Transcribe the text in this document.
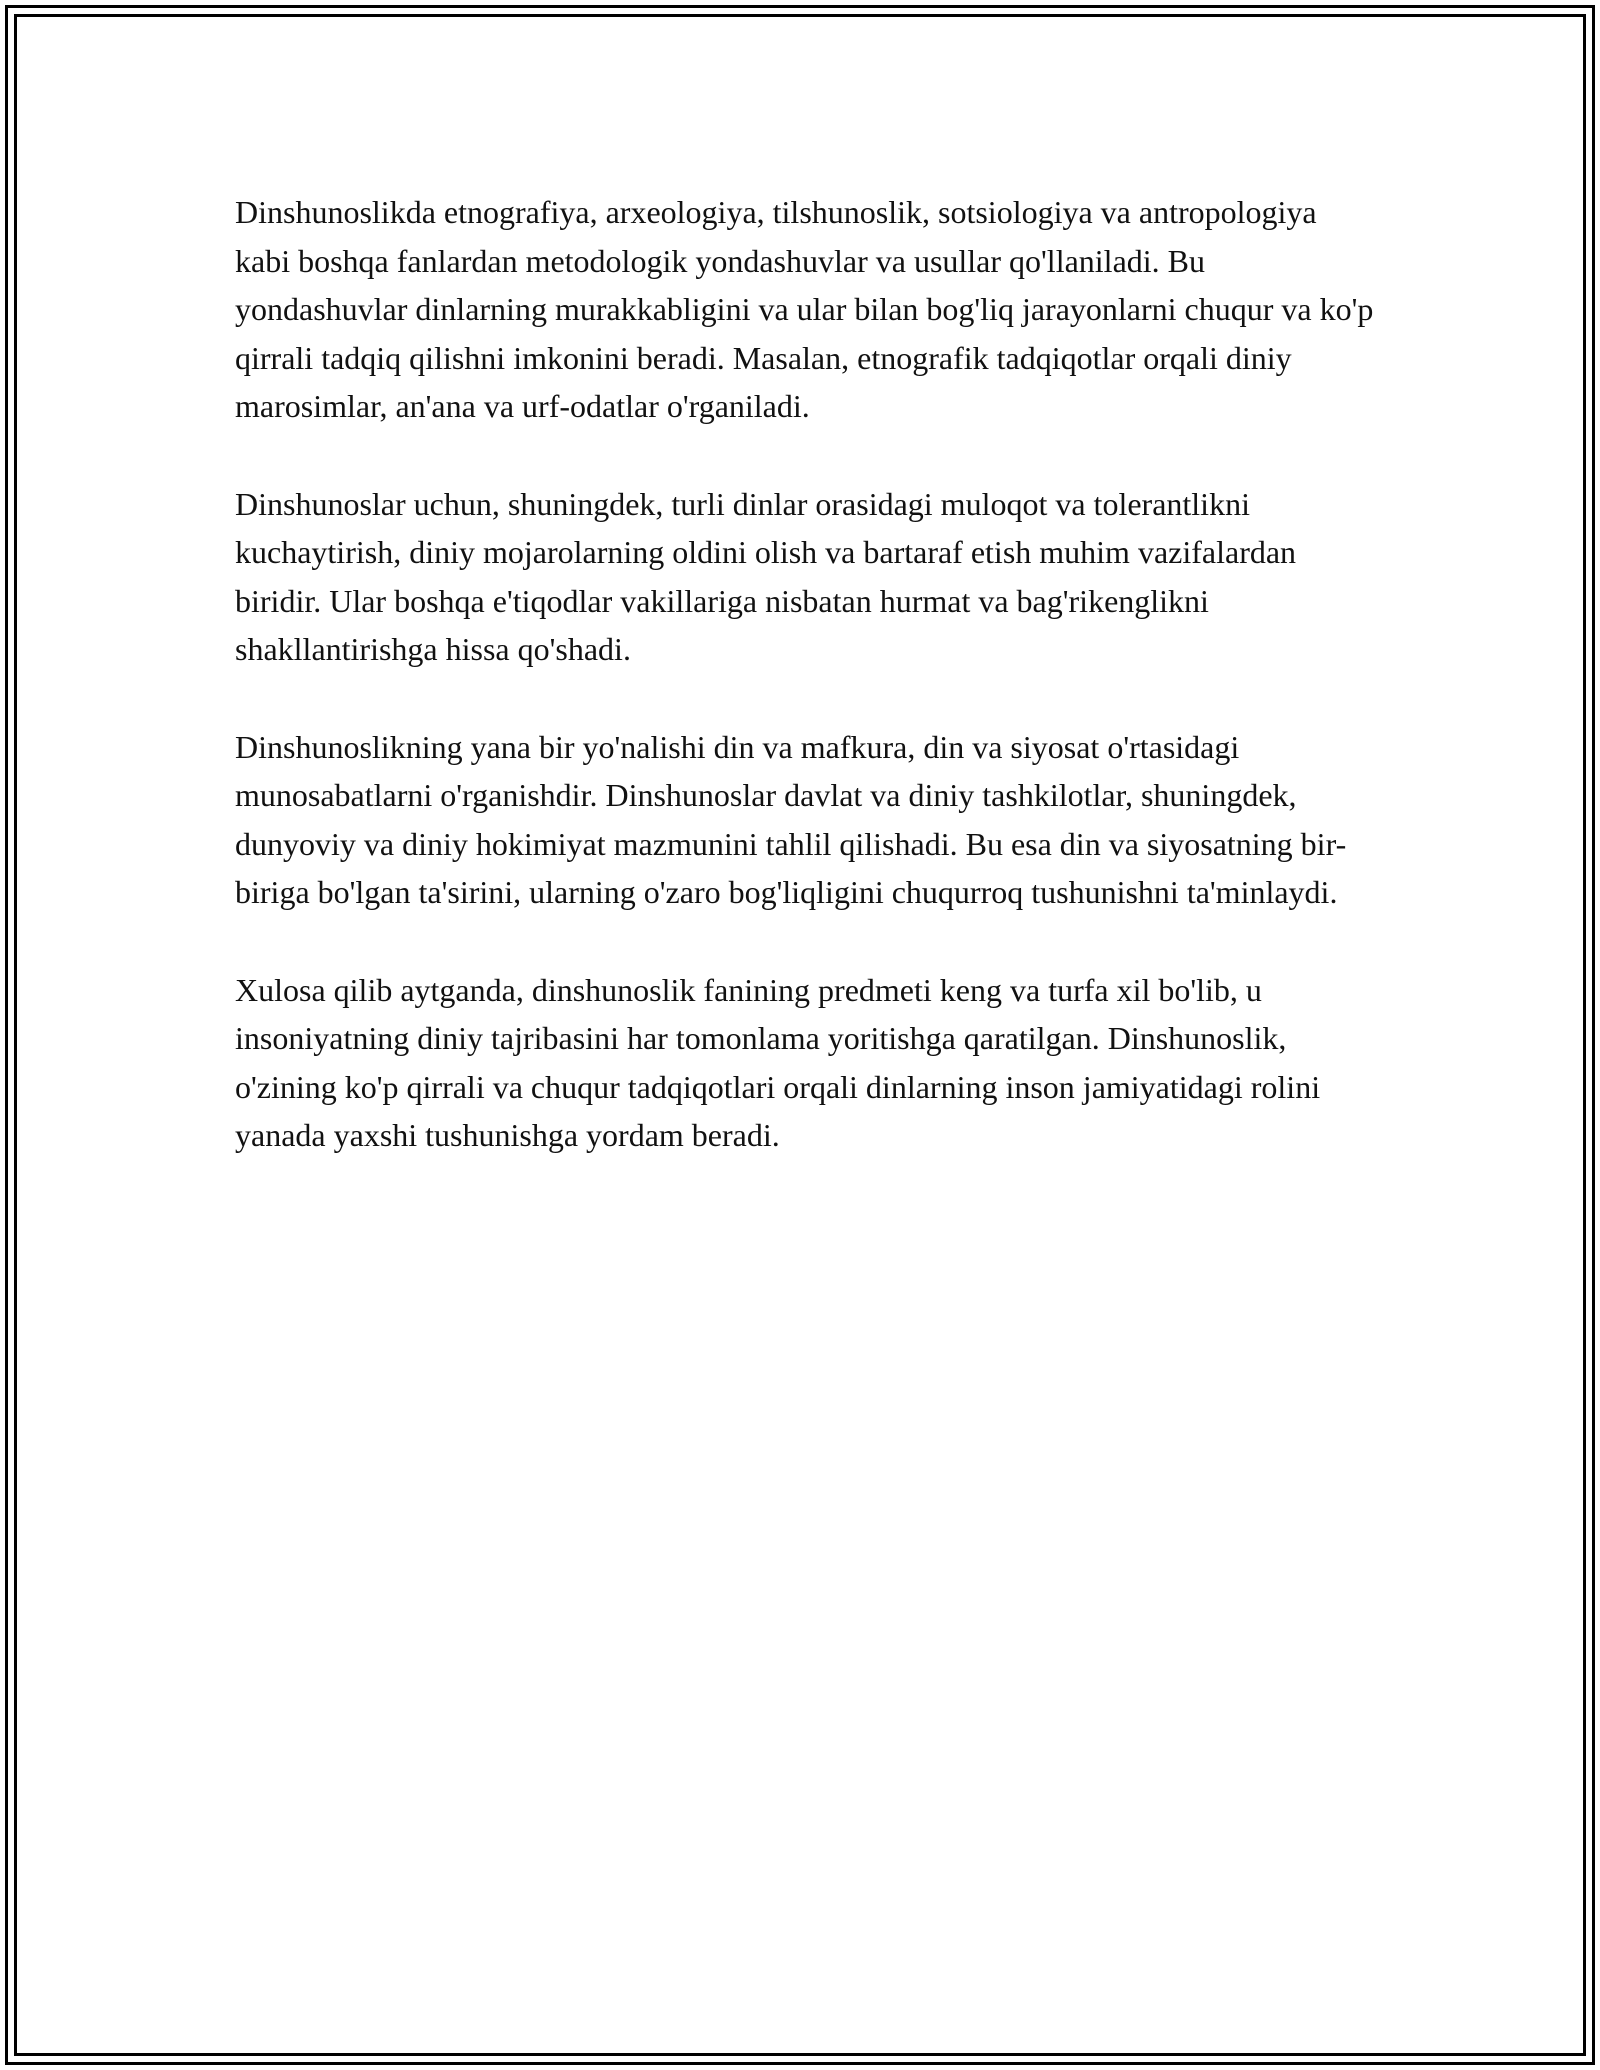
Dinshunoslikda etnografiya, arxeologiya, tilshunoslik, sotsiologiya va antropologiya kabi boshqa fanlardan metodologik yondashuvlar va usullar qo'llaniladi. Bu yondashuvlar dinlarning murakkabligini va ular bilan bog'liq jarayonlarni chuqur va ko'p qirrali tadqiq qilishni imkonini beradi. Masalan, etnografik tadqiqotlar orqali diniy marosimlar, an'ana va urf-odatlar o'rganiladi.

Dinshunoslar uchun, shuningdek, turli dinlar orasidagi muloqot va tolerantlikni kuchaytirish, diniy mojarolarning oldini olish va bartaraf etish muhim vazifalardan biridir. Ular boshqa e'tiqodlar vakillariga nisbatan hurmat va bag'rikenglikni shakllantirishga hissa qo'shadi.

Dinshunoslikning yana bir yo'nalishi din va mafkura, din va siyosat o'rtasidagi munosabatlarni o'rganishdir. Dinshunoslar davlat va diniy tashkilotlar, shuningdek, dunyoviy va diniy hokimiyat mazmunini tahlil qilishadi. Bu esa din va siyosatning bir-biriga bo'lgan ta'sirini, ularning o'zaro bog'liqligini chuqurroq tushunishni ta'minlaydi.

Xulosa qilib aytganda, dinshunoslik fanining predmeti keng va turfa xil bo'lib, u insoniyatning diniy tajribasini har tomonlama yoritishga qaratilgan. Dinshunoslik, o'zining ko'p qirrali va chuqur tadqiqotlari orqali dinlarning inson jamiyatidagi rolini yanada yaxshi tushunishga yordam beradi.
